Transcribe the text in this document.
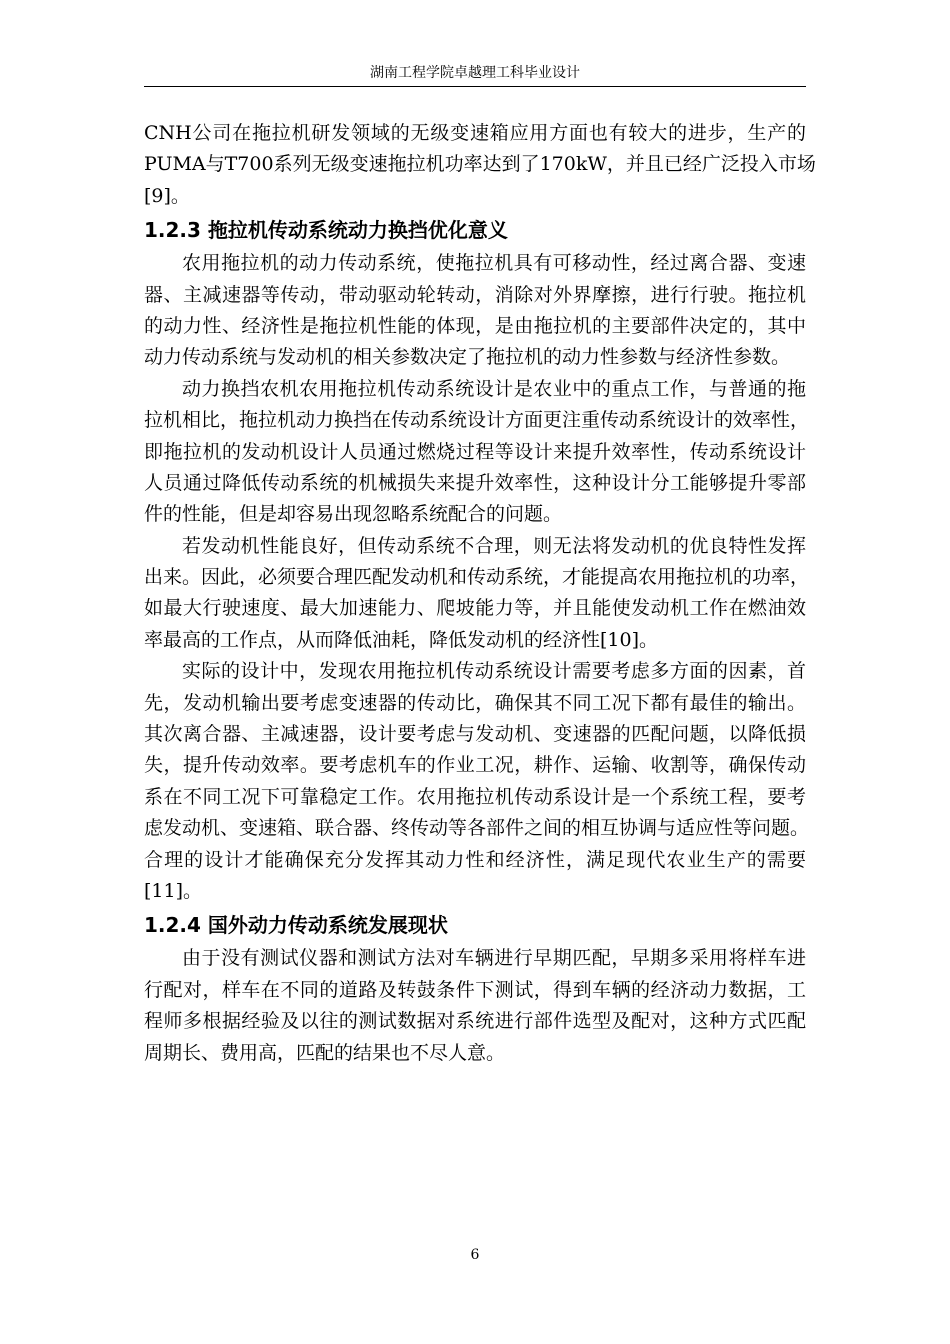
湖南工程学院卓越理工科毕业设计
CNH公司在拖拉机研发领域的无级变速箱应用方面也有较大的进步，生产的
PUMA与T700系列无级变速拖拉机功率达到了170kW，并且已经广泛投入市场
[9]。
1.2.3 拖拉机传动系统动力换挡优化意义
农用拖拉机的动力传动系统，使拖拉机具有可移动性，经过离合器、变速
器、主减速器等传动，带动驱动轮转动，消除对外界摩擦，进行行驶。拖拉机
的动力性、经济性是拖拉机性能的体现，是由拖拉机的主要部件决定的，其中
动力传动系统与发动机的相关参数决定了拖拉机的动力性参数与经济性参数。
动力换挡农机农用拖拉机传动系统设计是农业中的重点工作，与普通的拖
拉机相比，拖拉机动力换挡在传动系统设计方面更注重传动系统设计的效率性，
即拖拉机的发动机设计人员通过燃烧过程等设计来提升效率性，传动系统设计
人员通过降低传动系统的机械损失来提升效率性，这种设计分工能够提升零部
件的性能，但是却容易出现忽略系统配合的问题。
若发动机性能良好，但传动系统不合理，则无法将发动机的优良特性发挥
出来。因此，必须要合理匹配发动机和传动系统，才能提高农用拖拉机的功率，
如最大行驶速度、最大加速能力、爬坡能力等，并且能使发动机工作在燃油效
率最高的工作点，从而降低油耗，降低发动机的经济性[10]。
实际的设计中，发现农用拖拉机传动系统设计需要考虑多方面的因素，首
先，发动机输出要考虑变速器的传动比，确保其不同工况下都有最佳的输出。
其次离合器、主减速器，设计要考虑与发动机、变速器的匹配问题，以降低损
失，提升传动效率。要考虑机车的作业工况，耕作、运输、收割等，确保传动
系在不同工况下可靠稳定工作。农用拖拉机传动系设计是一个系统工程，要考
虑发动机、变速箱、联合器、终传动等各部件之间的相互协调与适应性等问题。
合理的设计才能确保充分发挥其动力性和经济性，满足现代农业生产的需要
[11]。
1.2.4 国外动力传动系统发展现状
由于没有测试仪器和测试方法对车辆进行早期匹配，早期多采用将样车进
行配对，样车在不同的道路及转鼓条件下测试，得到车辆的经济动力数据，工
程师多根据经验及以往的测试数据对系统进行部件选型及配对，这种方式匹配
周期长、费用高，匹配的结果也不尽人意。
6
